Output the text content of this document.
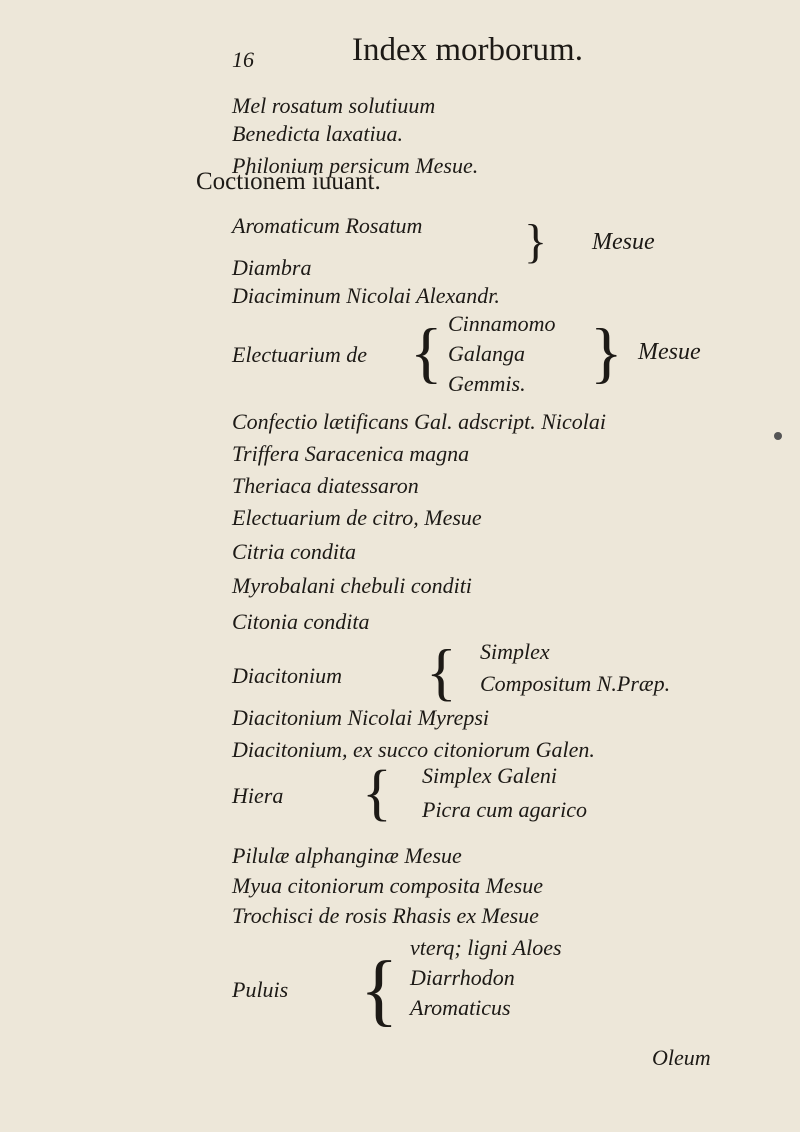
16	Index morborum.
Mel rosatum solutiuum
Benedicta laxatiua.
Philonium persicum Mesue.
Coctionem iuuant.
Aromaticum Rosatum
Diambra	} Mesue
Diaciminum Nicolai Alexandr.
Electuarium de { Cinnamomo
Galanga
Gemmis. } Mesue
Confectio lætificans Gal. adscript. Nicolai
Triffera Saracenica magna
Theriaca diatessaron
Electuarium de citro, Mesue
Citria condita
Myrobalani chebuli conditi
Citonia condita
Diacitonium { Simplex
Compositum N.Præp.
Diacitonium Nicolai Myrepsi
Diacitonium, ex succo citoniorum Galen.
Hiera { Simplex Galeni
Picra cum agarico
Pilulæ alphanginæ Mesue
Myua citoniorum composita Mesue
Trochisci de rosis Rhasis ex Mesue
Puluis { vterq; ligni Aloes
Diarrhodon
Aromaticus
Oleum
